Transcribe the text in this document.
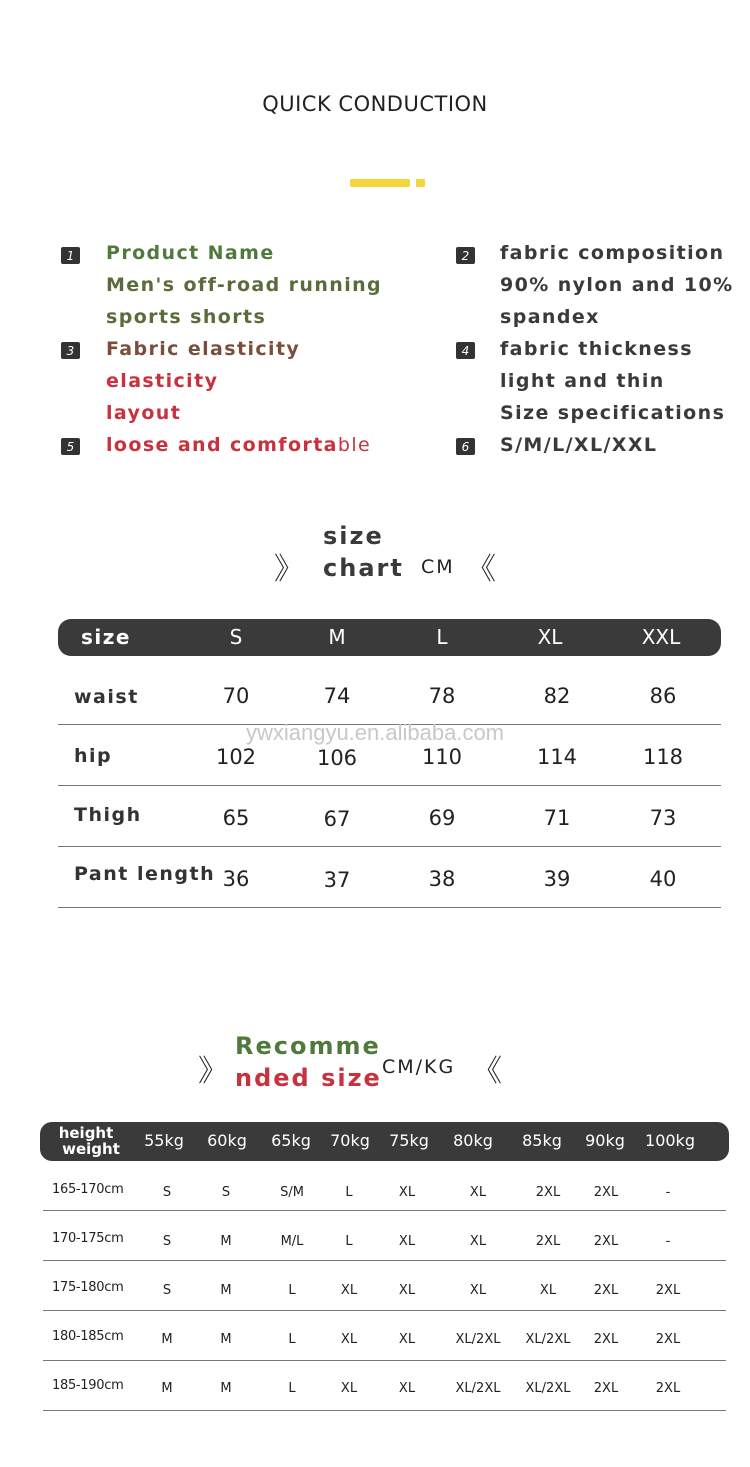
QUICK CONDUCTION
1 Product Name
Men's off-road running
sports shorts
3 Fabric elasticity
elasticity
layout
5 loose and comfortable
2 fabric composition
90% nylon and 10%
spandex
4 fabric thickness
light and thin
Size specifications
6 S/M/L/XL/XXL
》
size
chart CM 《
size	S	M	L	XL	XXL
waist	70	74	78	82	86
hip	102	106	110	114	118
Thigh	65	67	69	71	73
Pant length 36	37	38	39	40
ywxiangyu.en.alibaba.com
》
Recomme
nded size CM/KG 《
height
weight	55kg	60kg	65kg	70kg	75kg	80kg	85kg	90kg	100kg
165-170cm	S	S	S/M	L	XL	XL	2XL	2XL	-
170-175cm	S	M	M/L	L	XL	XL	2XL	2XL	-
175-180cm	S	M	L	XL	XL	XL	XL	2XL	2XL
180-185cm	M	M	L	XL	XL	XL/2XL	XL/2XL	2XL	2XL
185-190cm	M	M	L	XL	XL	XL/2XL	XL/2XL	2XL	2XL
